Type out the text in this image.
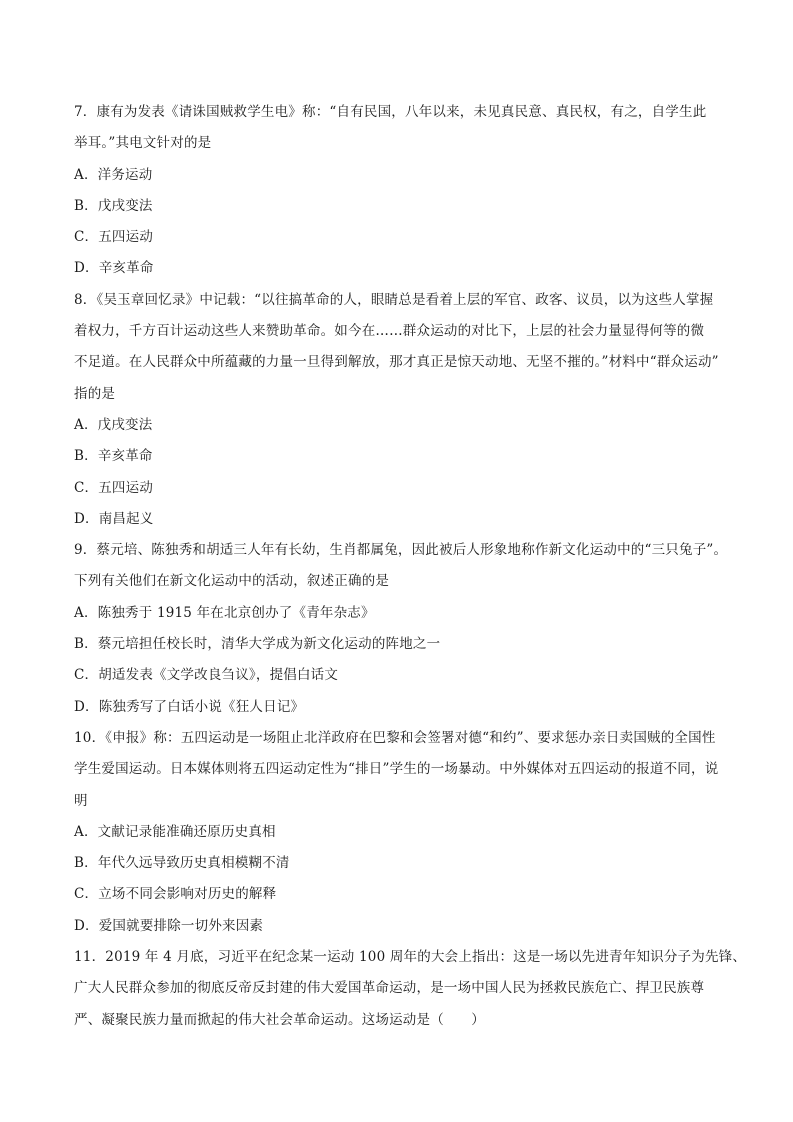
7．康有为发表《请诛国贼救学生电》称：“自有民国，八年以来，未见真民意、真民权，有之，自学生此
举耳。”其电文针对的是
A．洋务运动
B．戊戌变法
C．五四运动
D．辛亥革命
8．《吴玉章回忆录》中记载：“以往搞革命的人，眼睛总是看着上层的军官、政客、议员，以为这些人掌握
着权力，千方百计运动这些人来赞助革命。如今在……群众运动的对比下，上层的社会力量显得何等的微
不足道。在人民群众中所蕴藏的力量一旦得到解放，那才真正是惊天动地、无坚不摧的。”材料中“群众运动”
指的是
A．戊戌变法
B．辛亥革命
C．五四运动
D．南昌起义
9．蔡元培、陈独秀和胡适三人年有长幼，生肖都属兔，因此被后人形象地称作新文化运动中的“三只兔子”。
下列有关他们在新文化运动中的活动，叙述正确的是
A．陈独秀于 1915 年在北京创办了《青年杂志》
B．蔡元培担任校长时，清华大学成为新文化运动的阵地之一
C．胡适发表《文学改良刍议》，提倡白话文
D．陈独秀写了白话小说《狂人日记》
10．《申报》称：五四运动是一场阻止北洋政府在巴黎和会签署对德“和约”、要求惩办亲日卖国贼的全国性
学生爱国运动。日本媒体则将五四运动定性为“排日”学生的一场暴动。中外媒体对五四运动的报道不同，说
明
A．文献记录能准确还原历史真相
B．年代久远导致历史真相模糊不清
C．立场不同会影响对历史的解释
D．爱国就要排除一切外来因素
11．2019 年 4 月底，习近平在纪念某一运动 100 周年的大会上指出：这是一场以先进青年知识分子为先锋、
广大人民群众参加的彻底反帝反封建的伟大爱国革命运动，是一场中国人民为拯救民族危亡、捍卫民族尊
严、凝聚民族力量而掀起的伟大社会革命运动。这场运动是（　　）
